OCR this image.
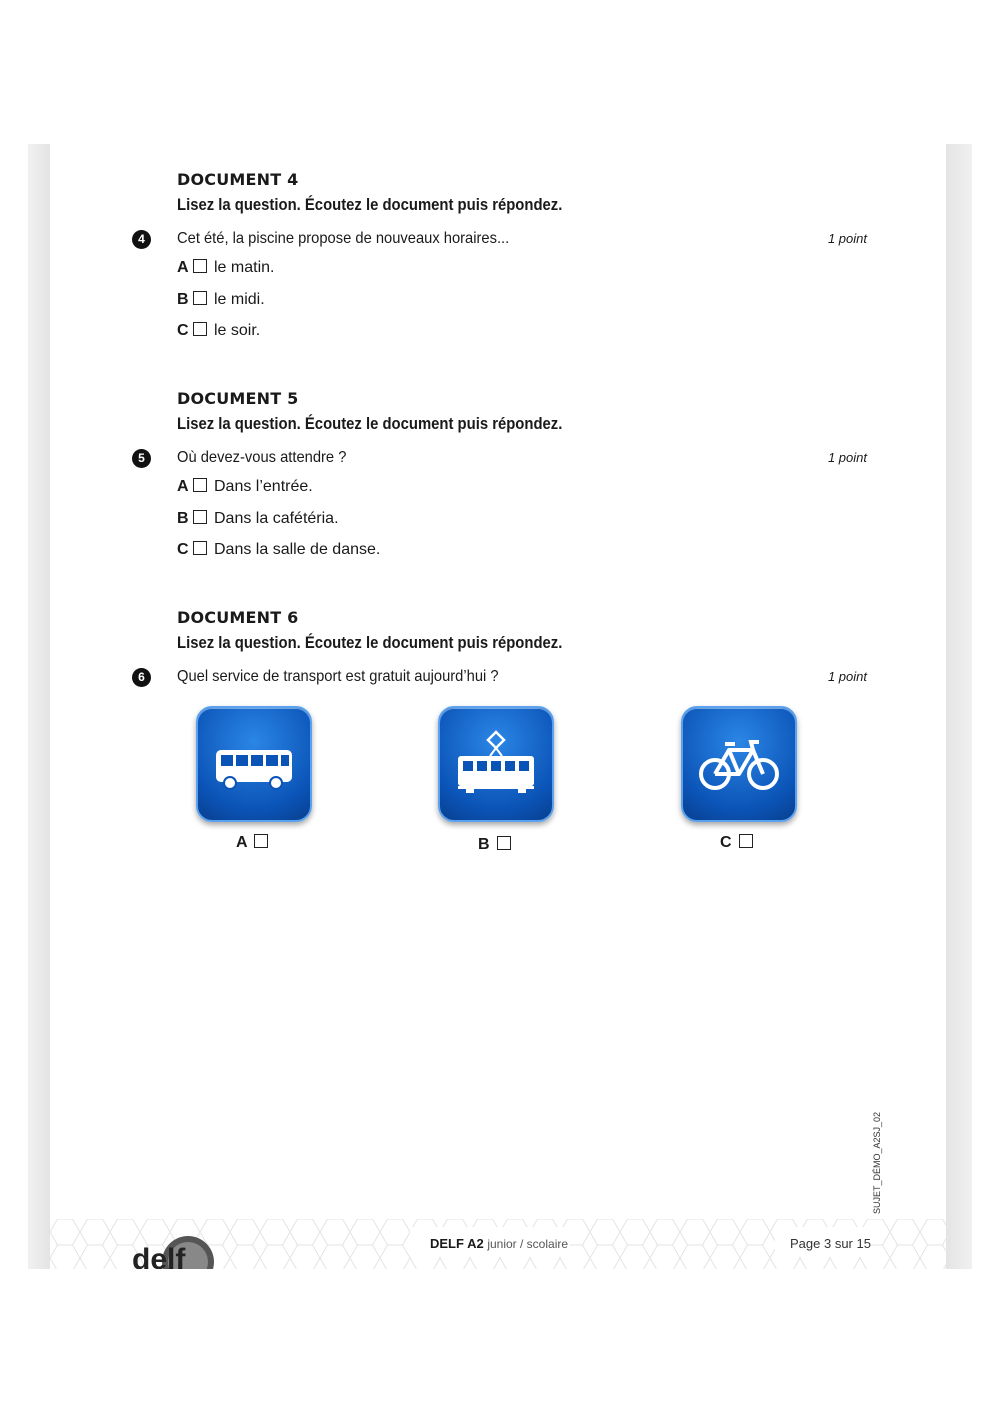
DOCUMENT 4
Lisez la question. Écoutez le document puis répondez.
4	Cet été, la piscine propose de nouveaux horaires...	1 point
A le matin.
B le midi.
C le soir.
DOCUMENT 5
Lisez la question. Écoutez le document puis répondez.
5	Où devez-vous attendre ?	1 point
A Dans l’entrée.
B Dans la cafétéria.
C Dans la salle de danse.
DOCUMENT 6
Lisez la question. Écoutez le document puis répondez.
6	Quel service de transport est gratuit aujourd’hui ?	1 point
A	B	C
delf	DELF A2 junior / scolaire	Page 3 sur 15
SUJET_DÉMO_A2SJ_02
